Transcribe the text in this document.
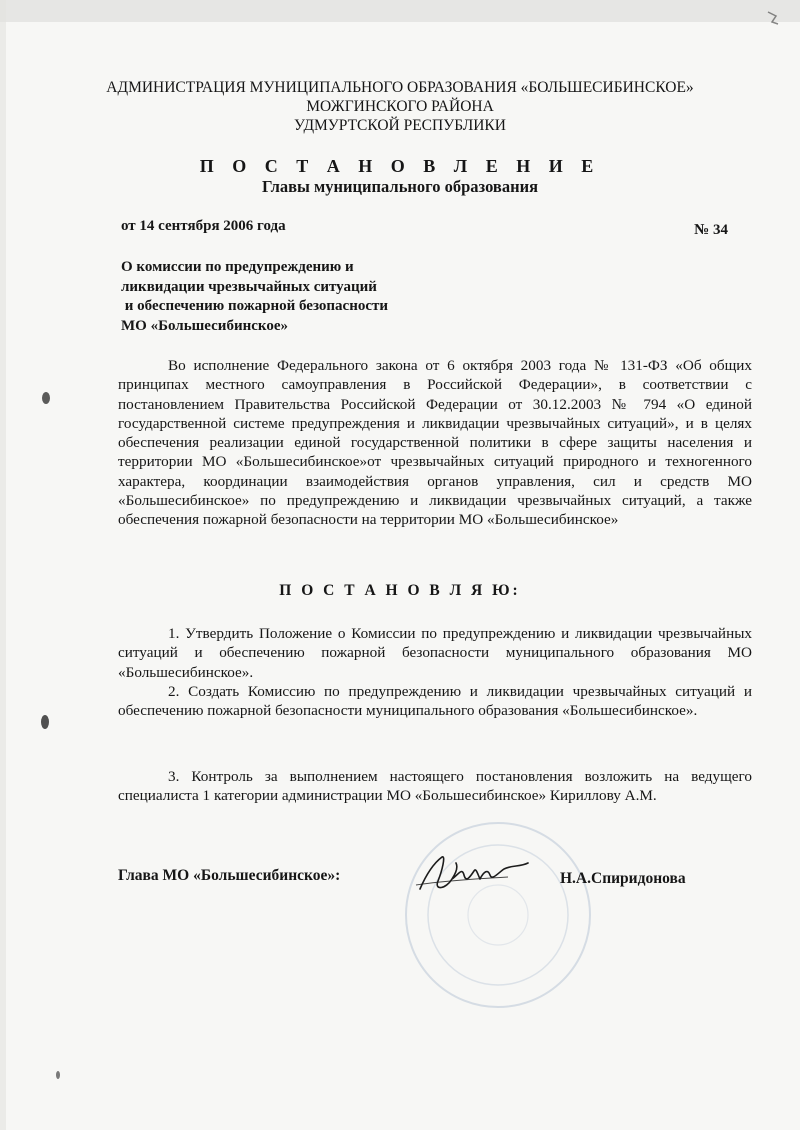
АДМИНИСТРАЦИЯ МУНИЦИПАЛЬНОГО ОБРАЗОВАНИЯ «БОЛЬШЕСИБИНСКОЕ»
МОЖГИНСКОГО РАЙОНА
УДМУРТСКОЙ РЕСПУБЛИКИ
П О С Т А Н О В Л Е Н И Е
Главы муниципального образования
от 14 сентября 2006 года	№ 34
О комиссии по предупреждению и
ликвидации чрезвычайных ситуаций
и обеспечению пожарной безопасности
МО «Большесибинское»
Во исполнение Федерального закона от 6 октября 2003 года № 131-ФЗ «Об общих принципах местного самоуправления в Российской Федерации», в соответствии с постановлением Правительства Российской Федерации от 30.12.2003 № 794 «О единой государственной системе предупреждения и ликвидации чрезвычайных ситуаций», и в целях обеспечения реализации единой государственной политики в сфере защиты населения и территории МО «Большесибинское»от чрезвычайных ситуаций природного и техногенного характера, координации взаимодействия органов управления, сил и средств МО «Большесибинское» по предупреждению и ликвидации чрезвычайных ситуаций, а также обеспечения пожарной безопасности на территории МО «Большесибинское»
П О С Т А Н О В Л Я Ю:
1. Утвердить Положение о Комиссии по предупреждению и ликвидации чрезвычайных ситуаций и обеспечению пожарной безопасности муниципального образования МО «Большесибинское».
2. Создать Комиссию по предупреждению и ликвидации чрезвычайных ситуаций и обеспечению пожарной безопасности муниципального образования «Большесибинское».
3. Контроль за выполнением настоящего постановления возложить на ведущего специалиста 1 категории администрации МО «Большесибинское» Кириллову А.М.
Глава МО «Большесибинское»:	Н.А.Спиридонова
